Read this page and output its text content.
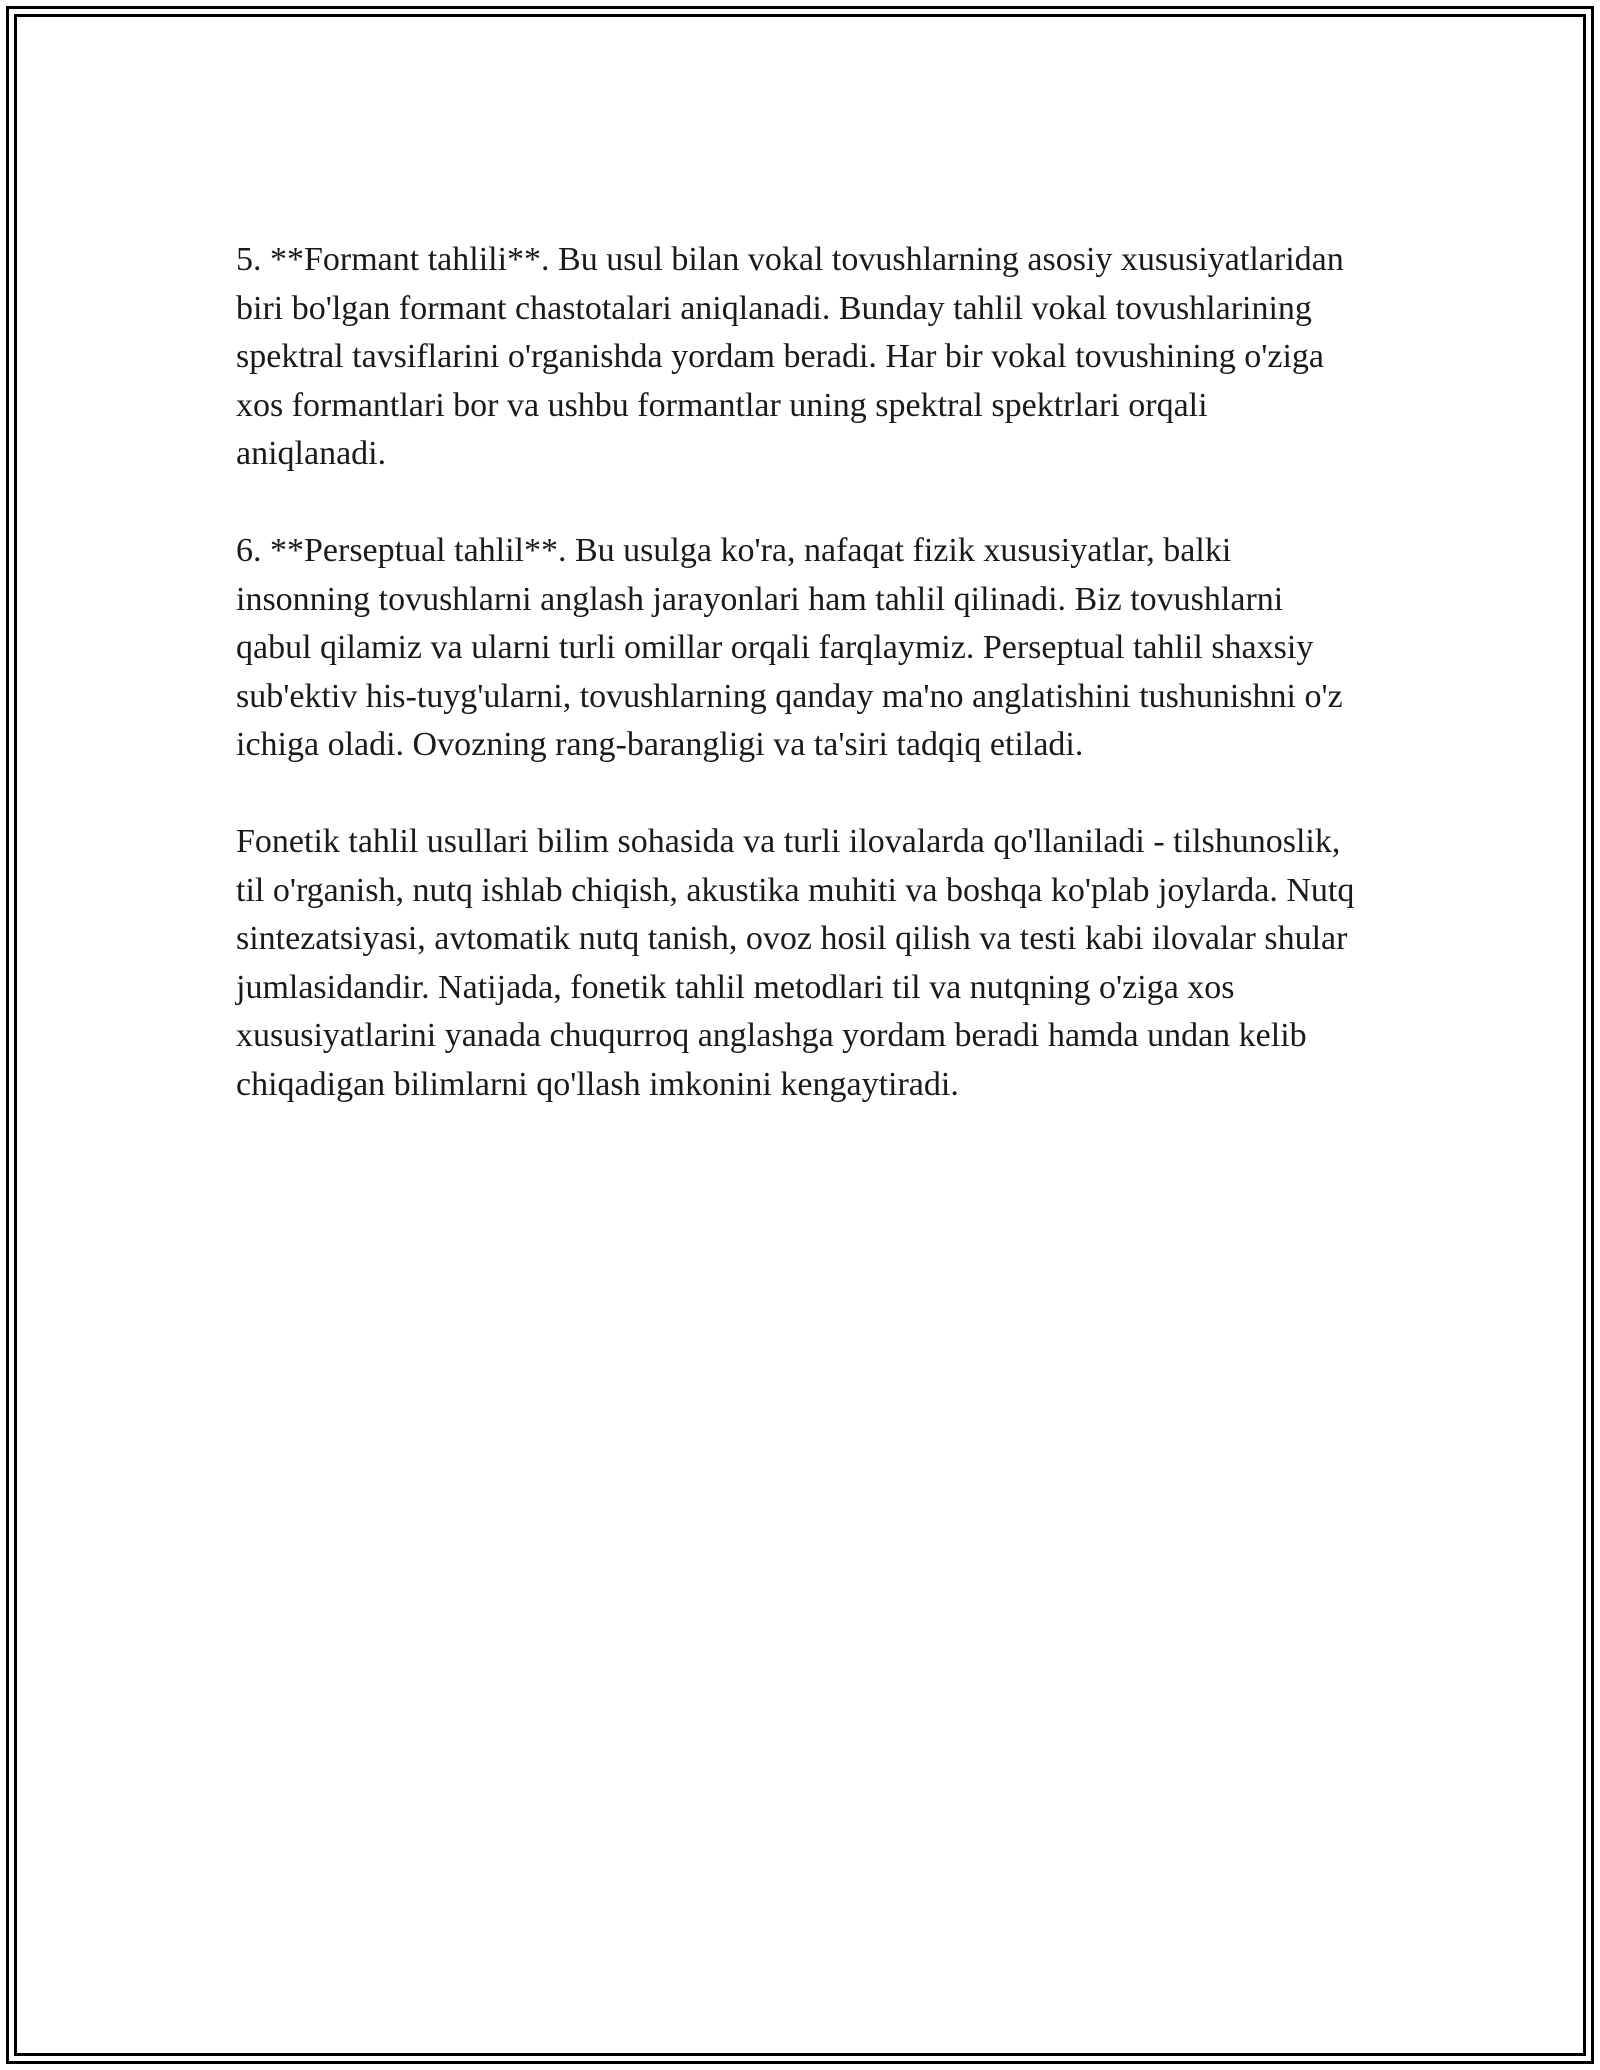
5. **Formant tahlili**. Bu usul bilan vokal tovushlarning asosiy xususiyatlaridan biri bo'lgan formant chastotalari aniqlanadi. Bunday tahlil vokal tovushlarining spektral tavsiflarini o'rganishda yordam beradi. Har bir vokal tovushining o'ziga xos formantlari bor va ushbu formantlar uning spektral spektrlari orqali aniqlanadi.

6. **Perseptual tahlil**. Bu usulga ko'ra, nafaqat fizik xususiyatlar, balki insonning tovushlarni anglash jarayonlari ham tahlil qilinadi. Biz tovushlarni qabul qilamiz va ularni turli omillar orqali farqlaymiz. Perseptual tahlil shaxsiy sub'ektiv his-tuyg'ularni, tovushlarning qanday ma'no anglatishini tushunishni o'z ichiga oladi. Ovozning rang-barangligi va ta'siri tadqiq etiladi.

Fonetik tahlil usullari bilim sohasida va turli ilovalarda qo'llaniladi - tilshunoslik, til o'rganish, nutq ishlab chiqish, akustika muhiti va boshqa ko'plab joylarda. Nutq sintezatsiyasi, avtomatik nutq tanish, ovoz hosil qilish va testi kabi ilovalar shular jumlasidandir. Natijada, fonetik tahlil metodlari til va nutqning o'ziga xos xususiyatlarini yanada chuqurroq anglashga yordam beradi hamda undan kelib chiqadigan bilimlarni qo'llash imkonini kengaytiradi.
